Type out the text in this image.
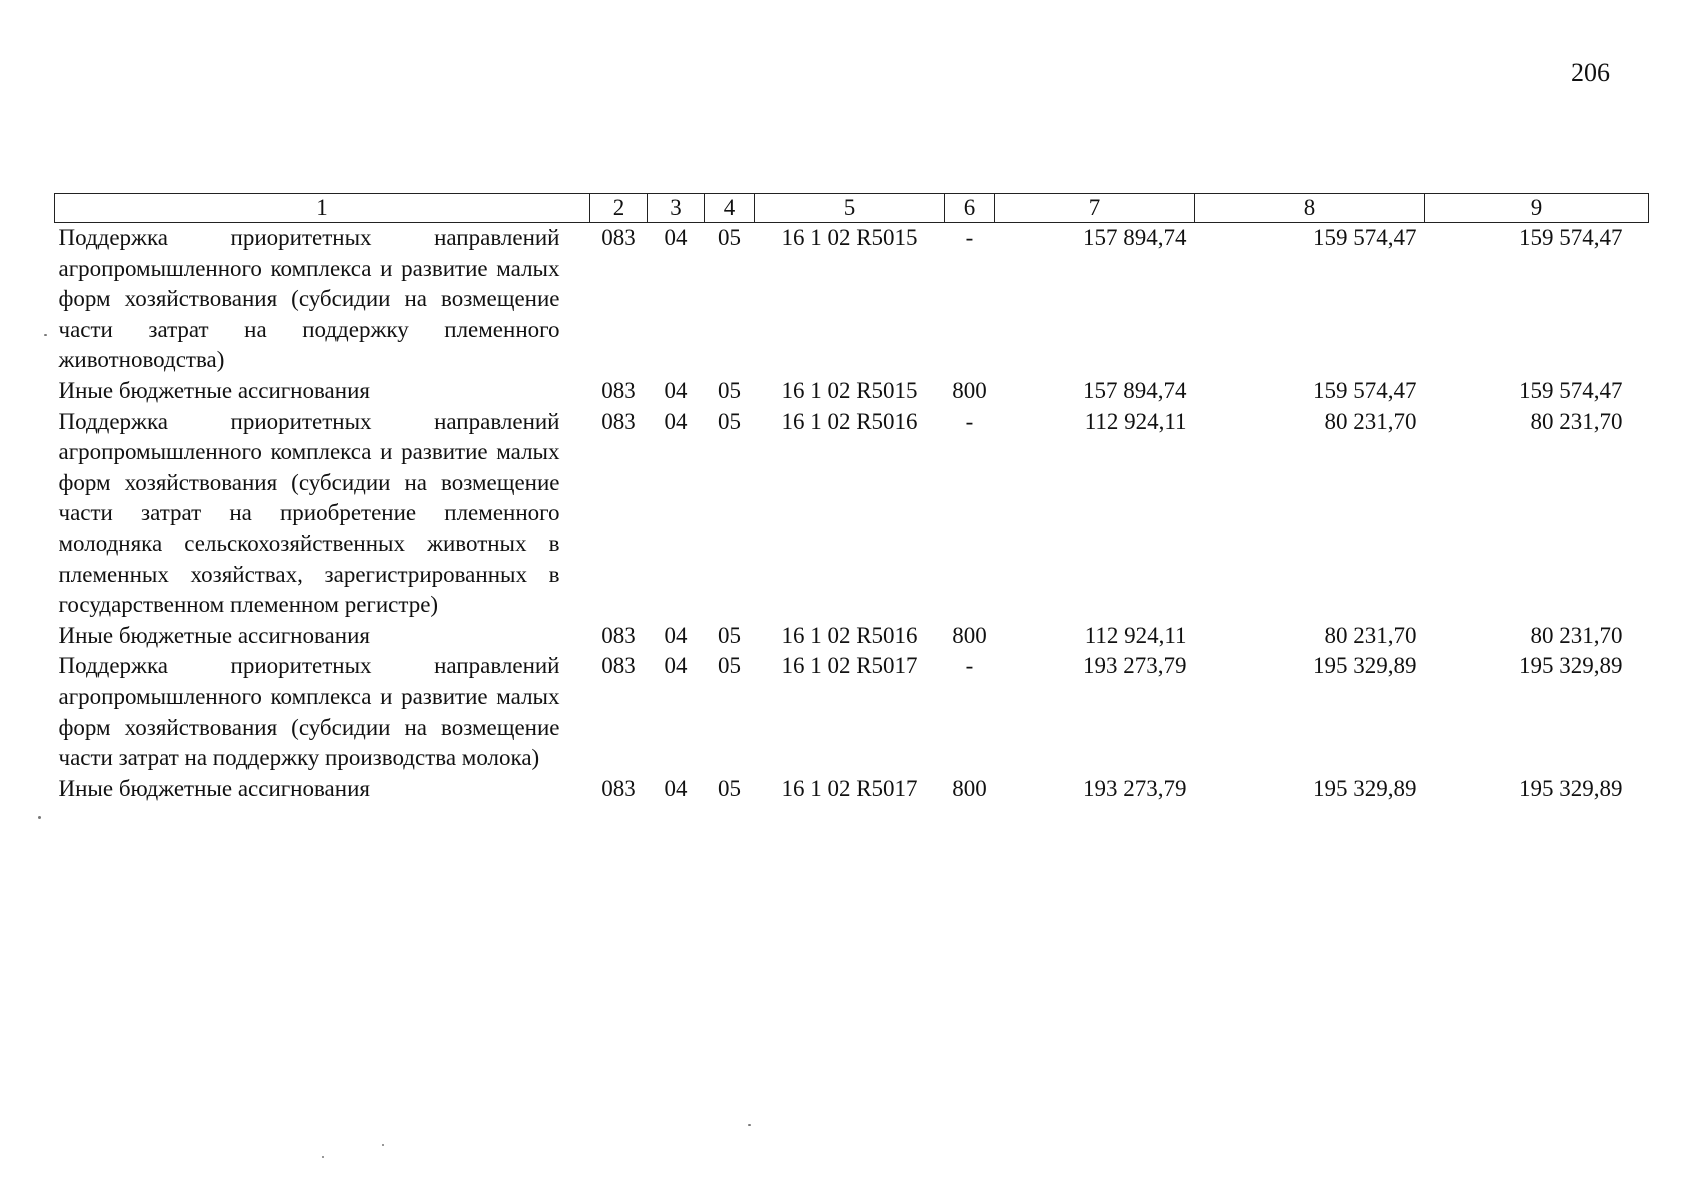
206
1	2	3	4	5	6	7	8	9
Поддержка приоритетных направлений агропромышленного комплекса и развитие малых форм хозяйствования (субсидии на возмещение части затрат на поддержку племенного животноводства)	083	04	05	16 1 02 R5015	-	157 894,74	159 574,47	159 574,47
Иные бюджетные ассигнования	083	04	05	16 1 02 R5015	800	157 894,74	159 574,47	159 574,47
Поддержка приоритетных направлений агропромышленного комплекса и развитие малых форм хозяйствования (субсидии на возмещение части затрат на приобретение племенного молодняка сельскохозяйственных животных в племенных хозяйствах, зарегистрированных в государственном племенном регистре)	083	04	05	16 1 02 R5016	-	112 924,11	80 231,70	80 231,70
Иные бюджетные ассигнования	083	04	05	16 1 02 R5016	800	112 924,11	80 231,70	80 231,70
Поддержка приоритетных направлений агропромышленного комплекса и развитие малых форм хозяйствования (субсидии на возмещение части затрат на поддержку производства молока)	083	04	05	16 1 02 R5017	-	193 273,79	195 329,89	195 329,89
Иные бюджетные ассигнования	083	04	05	16 1 02 R5017	800	193 273,79	195 329,89	195 329,89
